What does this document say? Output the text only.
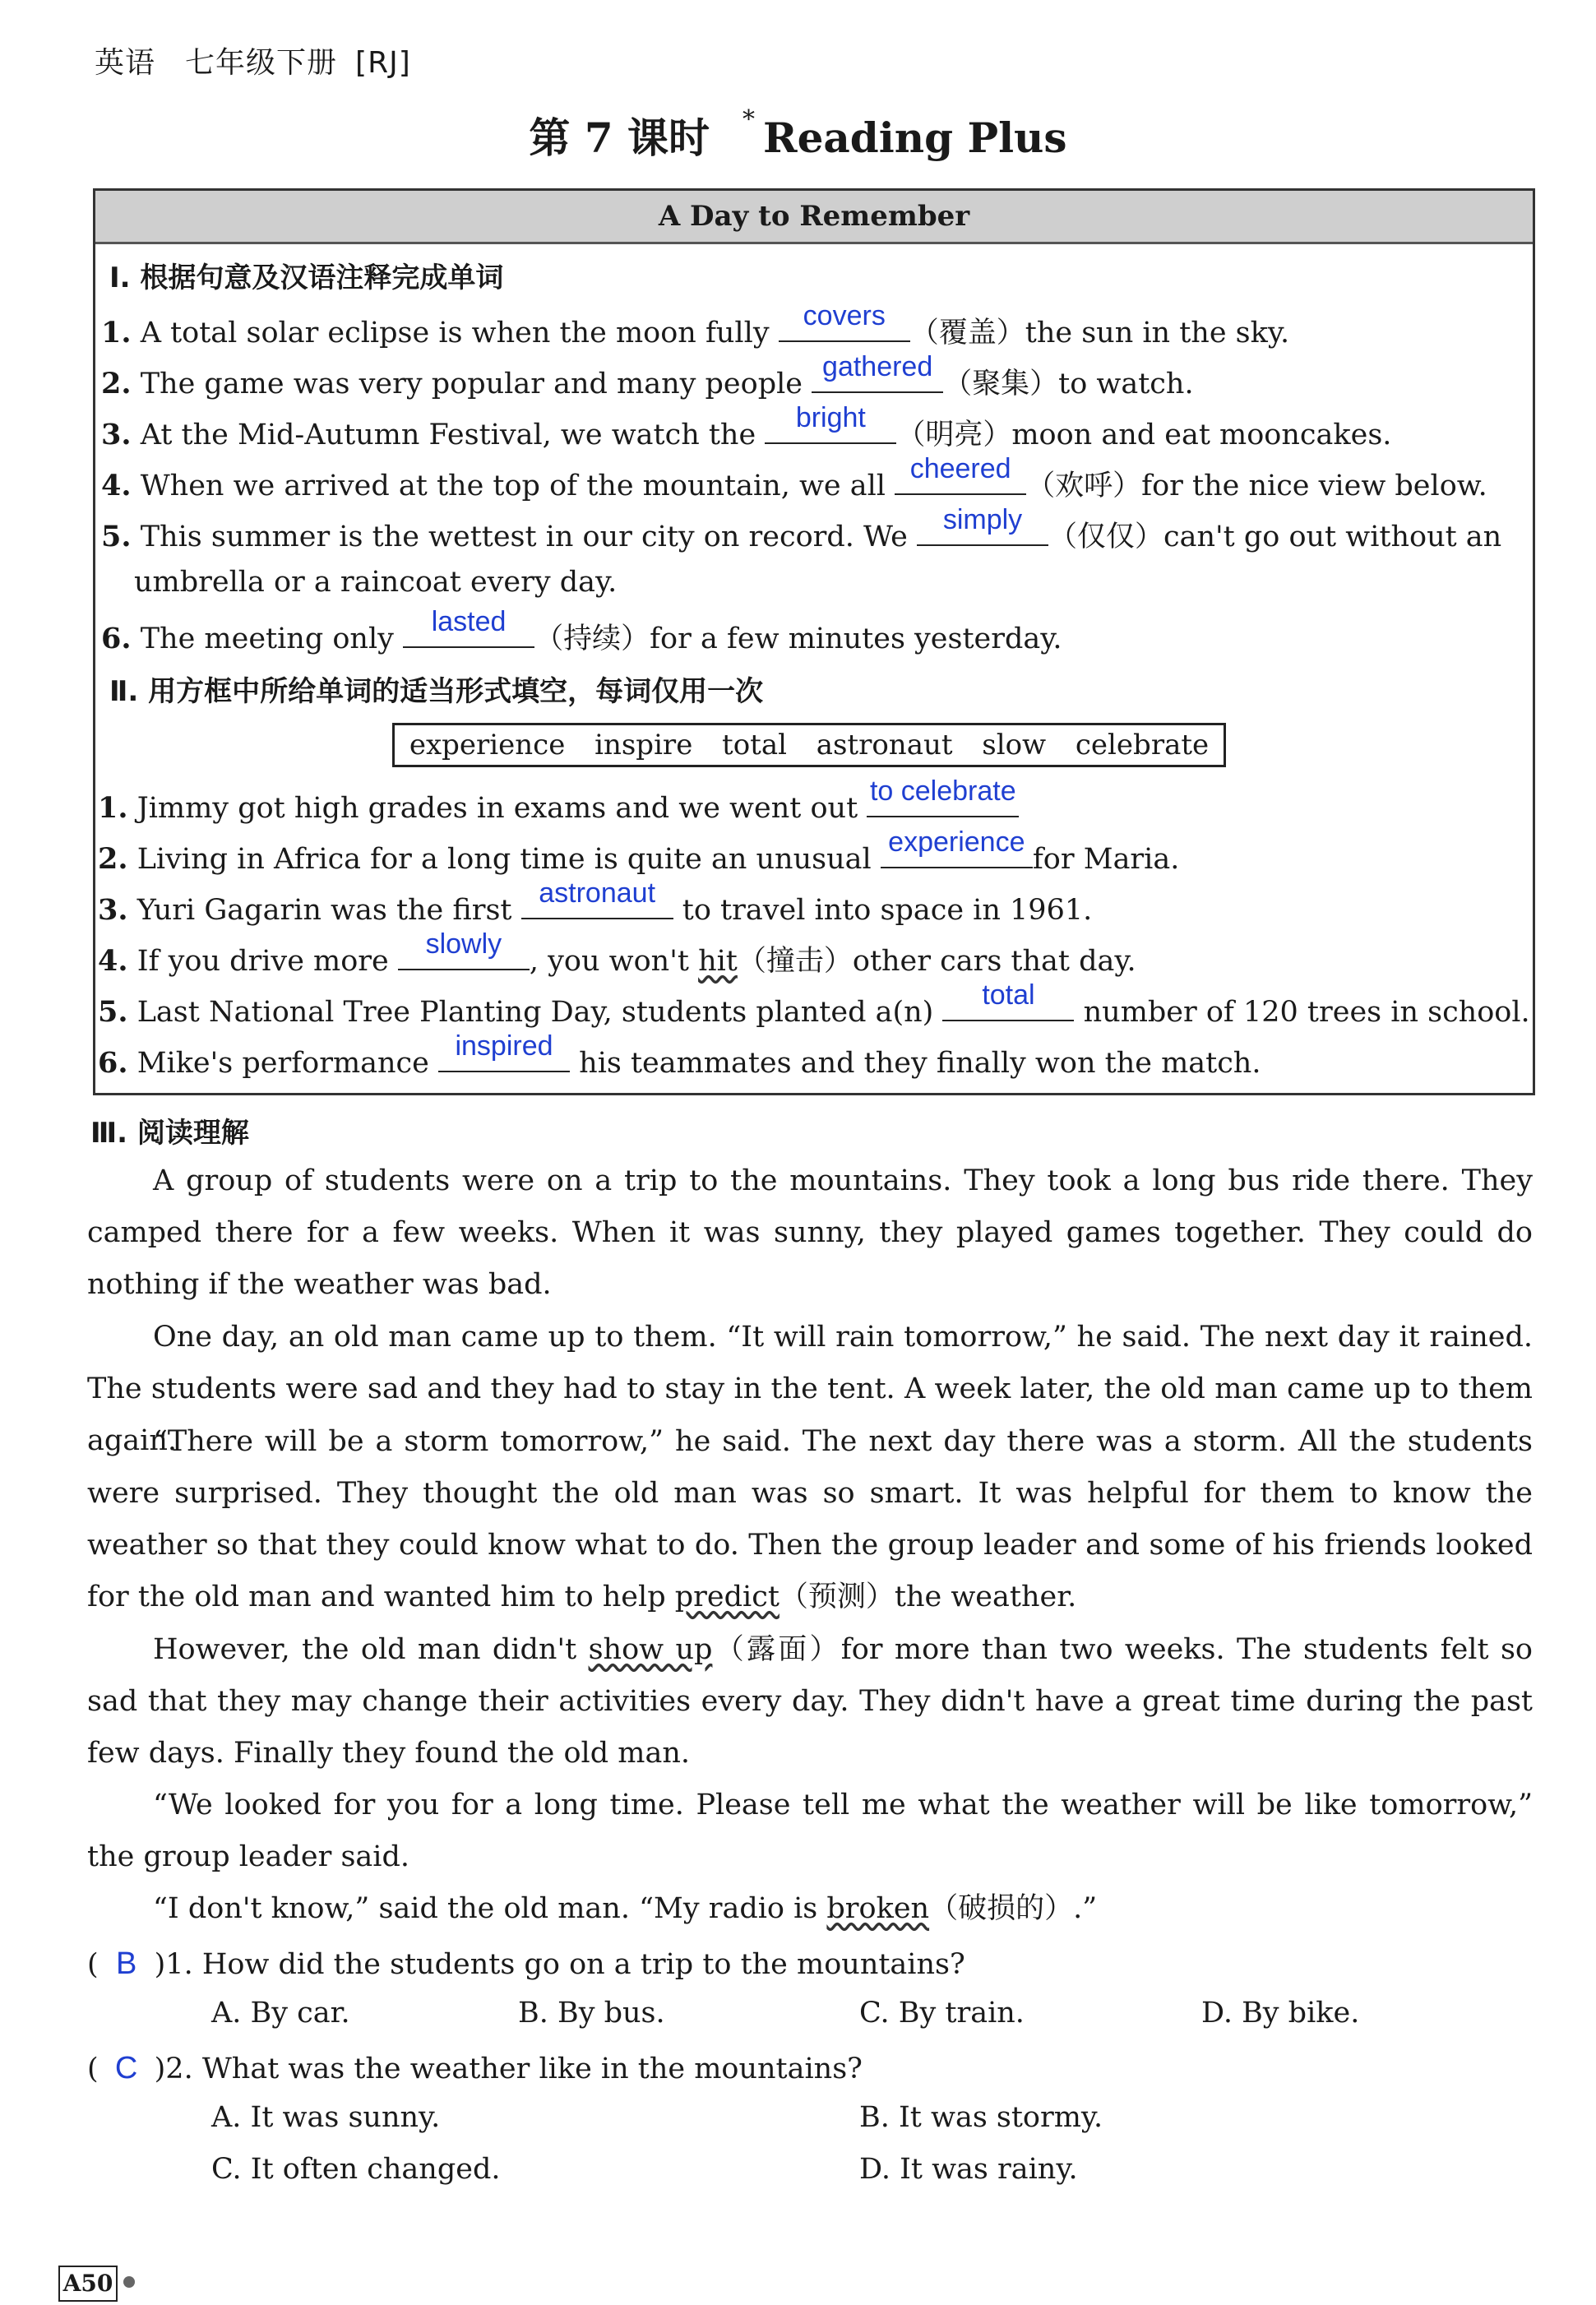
英语 七年级下册 [RJ]
第 7 课时 * Reading Plus
A Day to Remember
Ⅰ. 根据句意及汉语注释完成单词
1. A total solar eclipse is when the moon fully
covers
（覆盖）the sun in the sky.
2. The game was very popular and many people
gathered
（聚集）to watch.
3. At the Mid-Autumn Festival, we watch the
bright
（明亮）moon and eat mooncakes.
4. When we arrived at the top of the mountain, we all
cheered
（欢呼）for the nice view below.
5. This summer is the wettest in our city on record. We
simply
（仅仅）can't go out without an
umbrella or a raincoat every day.
6. The meeting only
lasted
（持续）for a few minutes yesterday.
Ⅱ. 用方框中所给单词的适当形式填空，每词仅用一次
experience inspire total astronaut slow celebrate
1. Jimmy got high grades in exams and we went out
to celebrate
2. Living in Africa for a long time is quite an unusual
experience
for Maria.
3. Yuri Gagarin was the first
astronaut
to travel into space in 1961.
4. If you drive more
slowly
, you won't hit（撞击）other cars that day.
5. Last National Tree Planting Day, students planted a(n)
total
number of 120 trees in school.
6. Mike's performance
inspired
his teammates and they finally won the match.
Ⅲ. 阅读理解
A group of students were on a trip to the mountains. They took a long bus ride there. They camped there for a few weeks. When it was sunny, they played games together. They could do nothing if the weather was bad.
One day, an old man came up to them. “It will rain tomorrow,” he said. The next day it rained. The students were sad and they had to stay in the tent. A week later, the old man came up to them again.
“There will be a storm tomorrow,” he said. The next day there was a storm. All the students were surprised. They thought the old man was so smart. It was helpful for them to know the weather so that they could know what to do. Then the group leader and some of his friends looked for the old man and wanted him to help predict（预测）the weather.
However, the old man didn't show up（露面）for more than two weeks. The students felt so sad that they may change their activities every day. They didn't have a great time during the past few days. Finally they found the old man.
“We looked for you for a long time. Please tell me what the weather will be like tomorrow,” the group leader said.
“I don't know,” said the old man. “My radio is broken（破损的）.”
( B )1. How did the students go on a trip to the mountains?
A. By car.	B. By bus.	C. By train.	D. By bike.
( C )2. What was the weather like in the mountains?
A. It was sunny.	B. It was stormy.
C. It often changed.	D. It was rainy.
A50
